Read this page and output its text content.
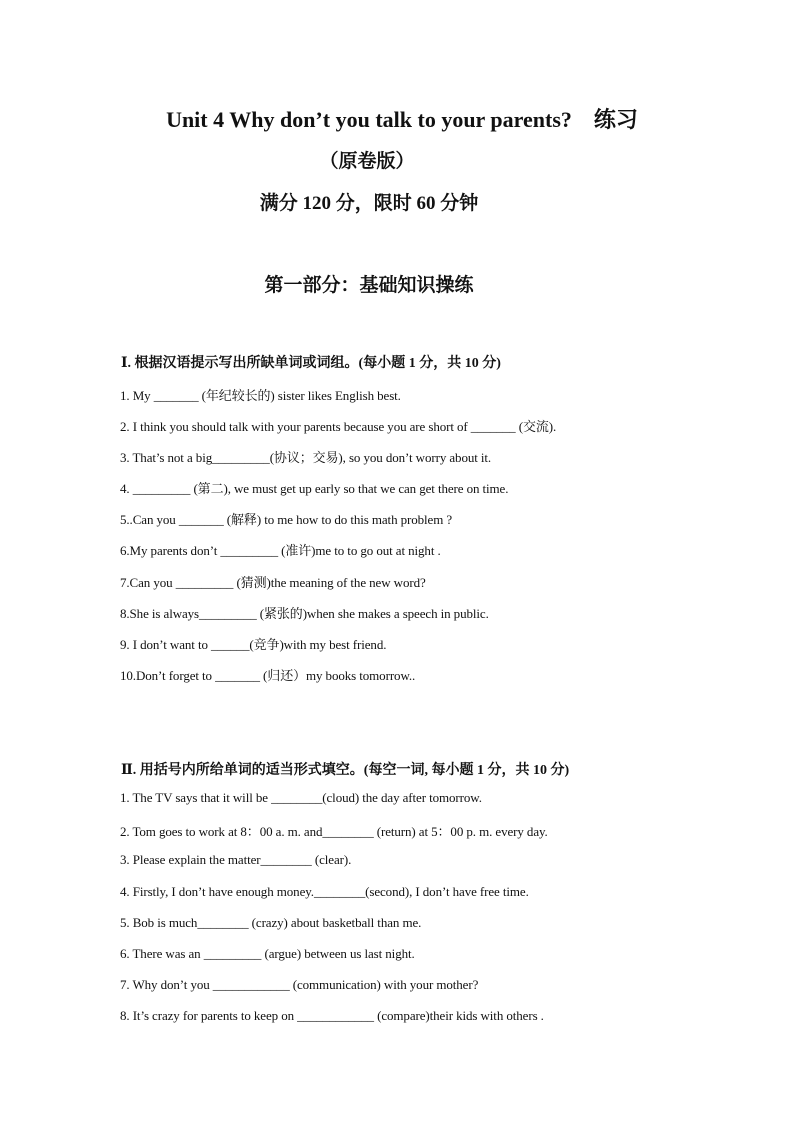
Unit 4 Why don’t you talk to your parents?　练习
（原卷版）
满分 120 分，限时 60 分钟
第一部分：基础知识操练
Ⅰ. 根据汉语提示写出所缺单词或词组。(每小题 1 分，共 10 分)
1. My _______ (年纪较长的) sister likes English best.
2. I think you should talk with your parents because you are short of _______ (交流).
3. That’s not a big_________(协议；交易), so you don’t worry about it.
4. _________ (第二), we must get up early so that we can get there on time.
5..Can you _______ (解释) to me how to do this math problem ?
6.My parents don’t _________ (准许)me to to go out at night .
7.Can you _________ (猜测)the meaning of the new word?
8.She is always_________ (紧张的)when she makes a speech in public.
9. I don’t want to ______(竞争)with my best friend.
10.Don’t forget to _______ (归还）my books tomorrow..
Ⅱ. 用括号内所给单词的适当形式填空。(每空一词, 每小题 1 分，共 10 分)
1. The TV says that it will be ________(cloud) the day after tomorrow.
2. Tom goes to work at 8：00 a. m. and________ (return) at 5：00 p. m. every day.
3. Please explain the matter________ (clear).
4. Firstly, I don’t have enough money.________(second), I don’t have free time.
5. Bob is much________ (crazy) about basketball than me.
6. There was an _________ (argue) between us last night.
7. Why don’t you ____________ (communication) with your mother?
8. It’s crazy for parents to keep on ____________ (compare)their kids with others .
